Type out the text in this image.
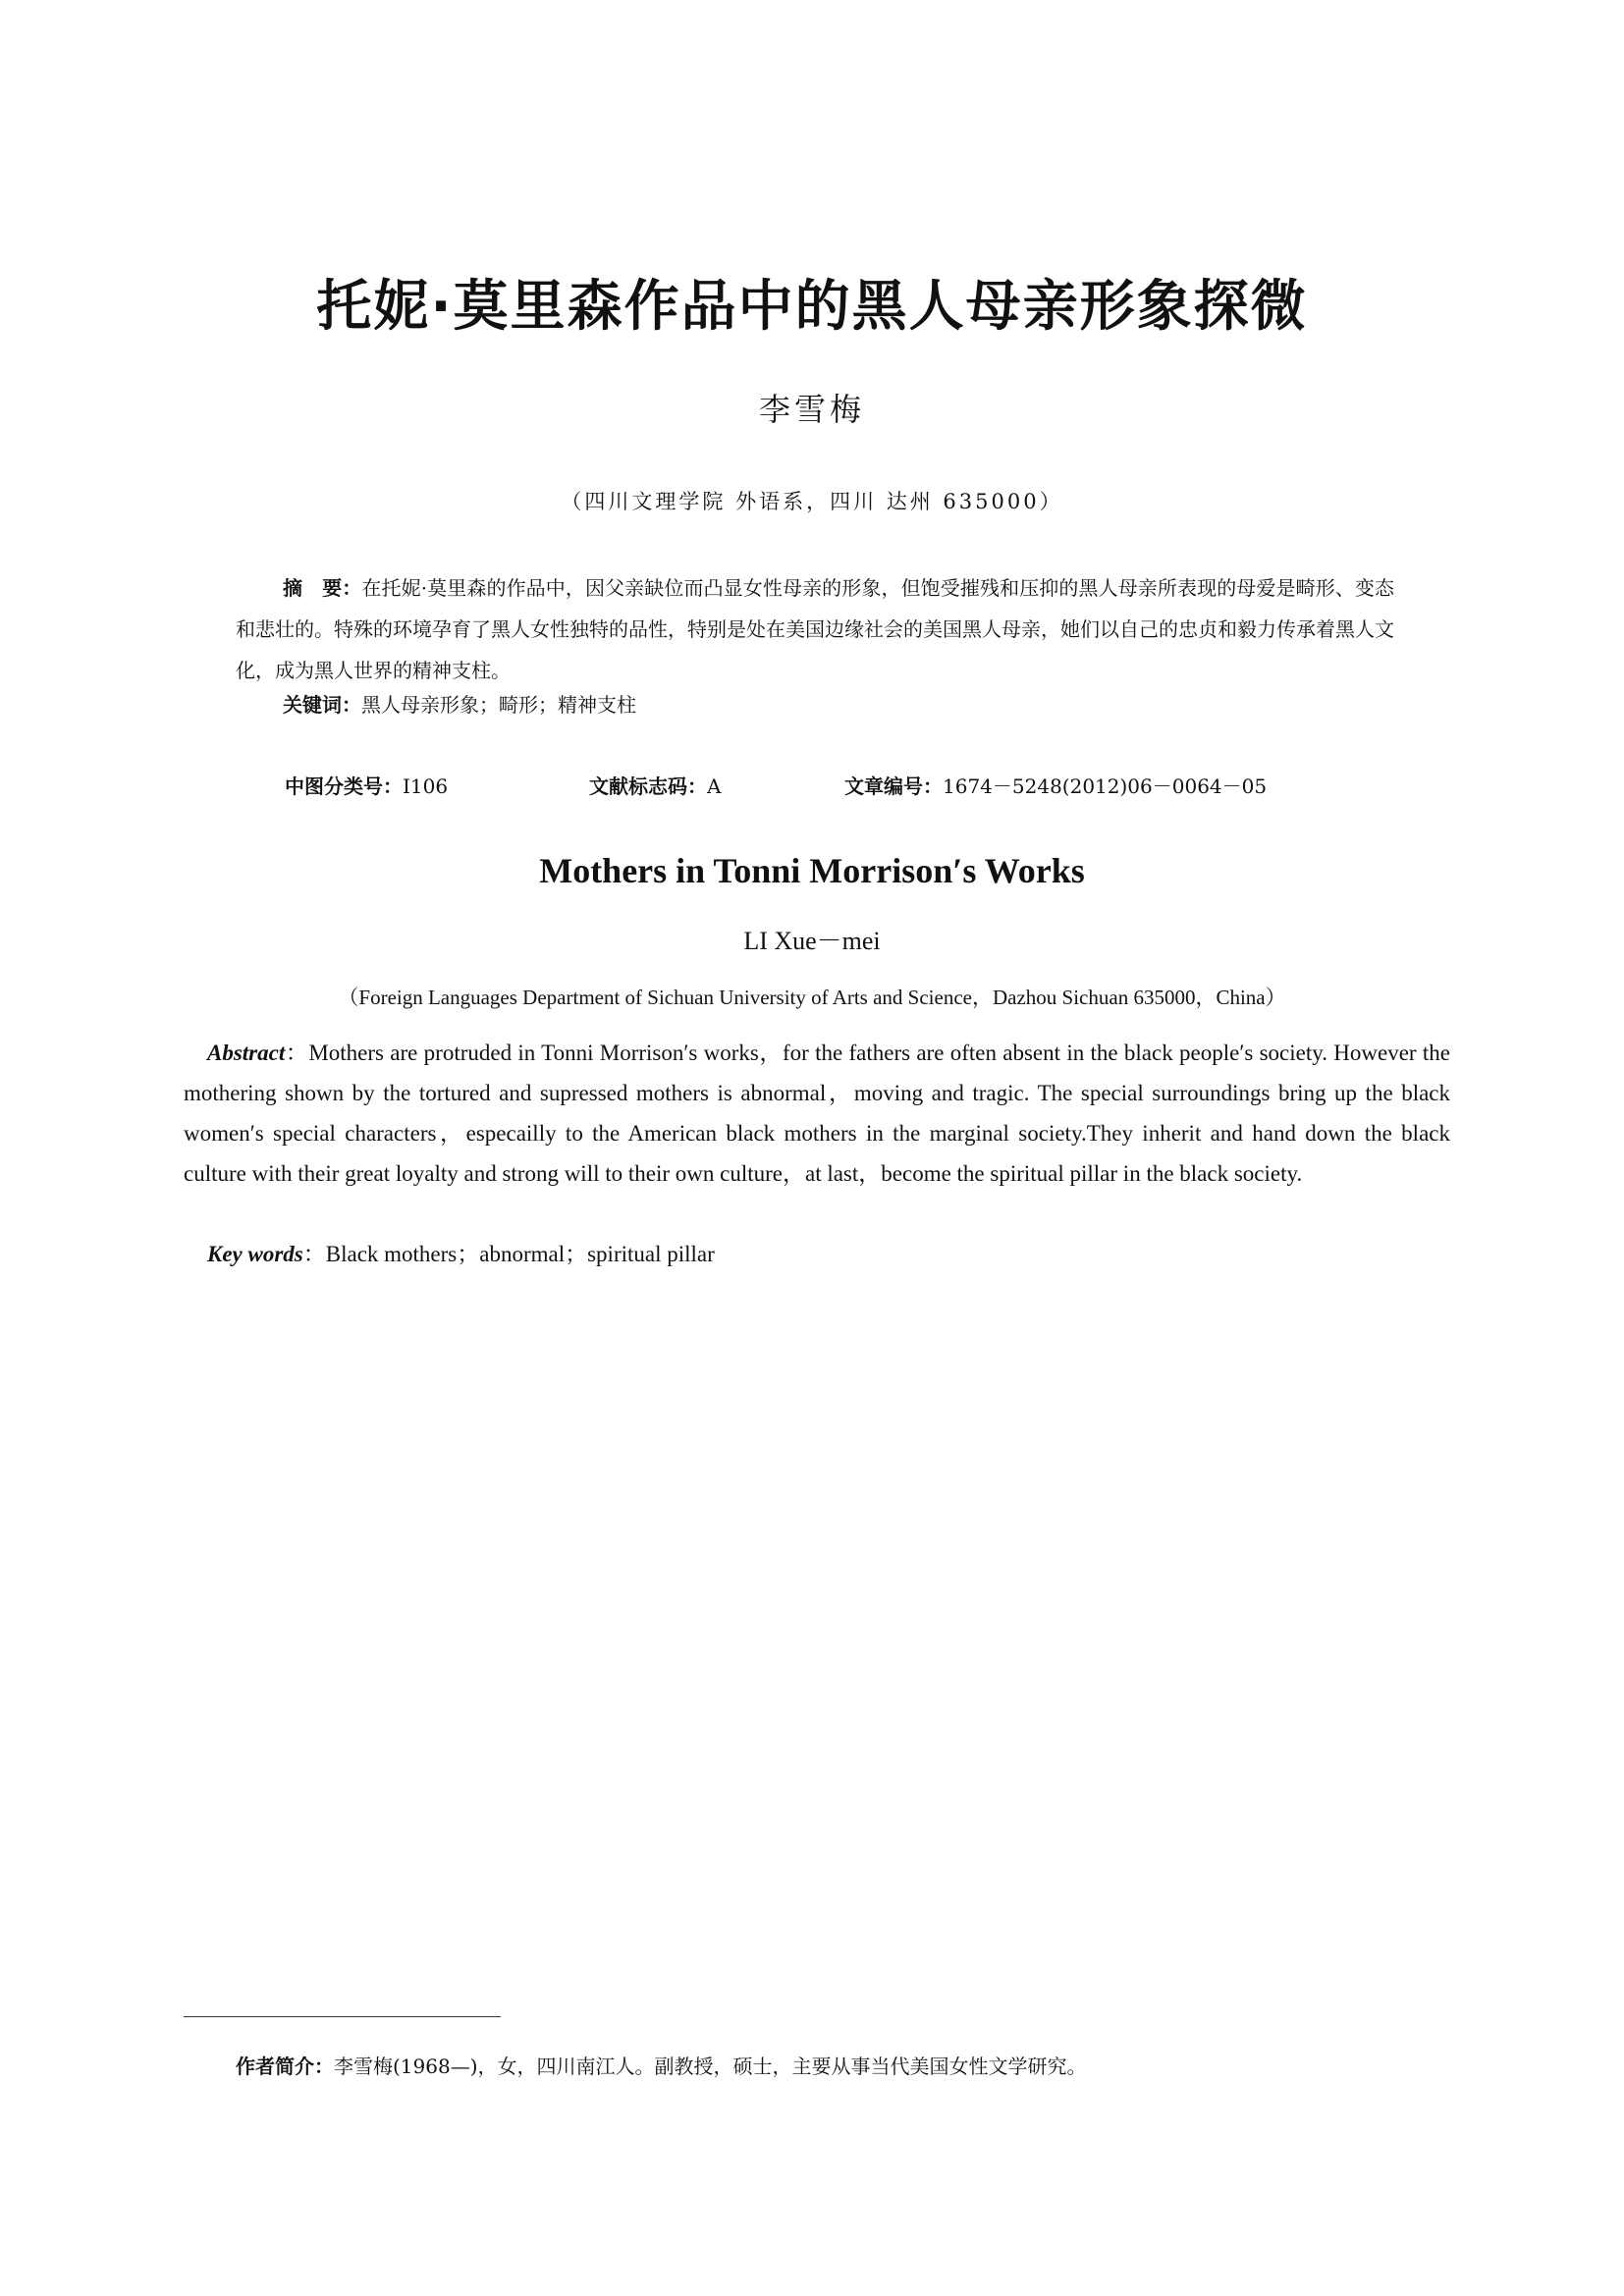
托妮·莫里森作品中的黑人母亲形象探微
李雪梅
（四川文理学院 外语系，四川 达州 635000）

摘　要：在托妮·莫里森的作品中，因父亲缺位而凸显女性母亲的形象，但饱受摧残和压抑的黑人母亲所表现的母爱是畸形、变态和悲壮的。特殊的环境孕育了黑人女性独特的品性，特别是处在美国边缘社会的美国黑人母亲，她们以自己的忠贞和毅力传承着黑人文化，成为黑人世界的精神支柱。

关键词：黑人母亲形象；畸形；精神支柱
中图分类号：I106	文献标志码：A	文章编号：1674－5248(2012)06－0064－05
Mothers in Tonni Morrison′s Works
LI Xue－mei
（Foreign Languages Department of Sichuan University of Arts and Science，Dazhou Sichuan 635000，China）

Abstract：Mothers are protruded in Tonni Morrison′s works，for the fathers are often absent in the black people′s society. However the mothering shown by the tortured and supressed mothers is abnormal，moving and tragic. The special surroundings bring up the black women′s special characters，especailly to the American black mothers in the marginal society.They inherit and hand down the black culture with their great loyalty and strong will to their own culture，at last，become the spiritual pillar in the black society.

Key words：Black mothers；abnormal；spiritual pillar
作者简介：李雪梅(1968—)，女，四川南江人。副教授，硕士，主要从事当代美国女性文学研究。
